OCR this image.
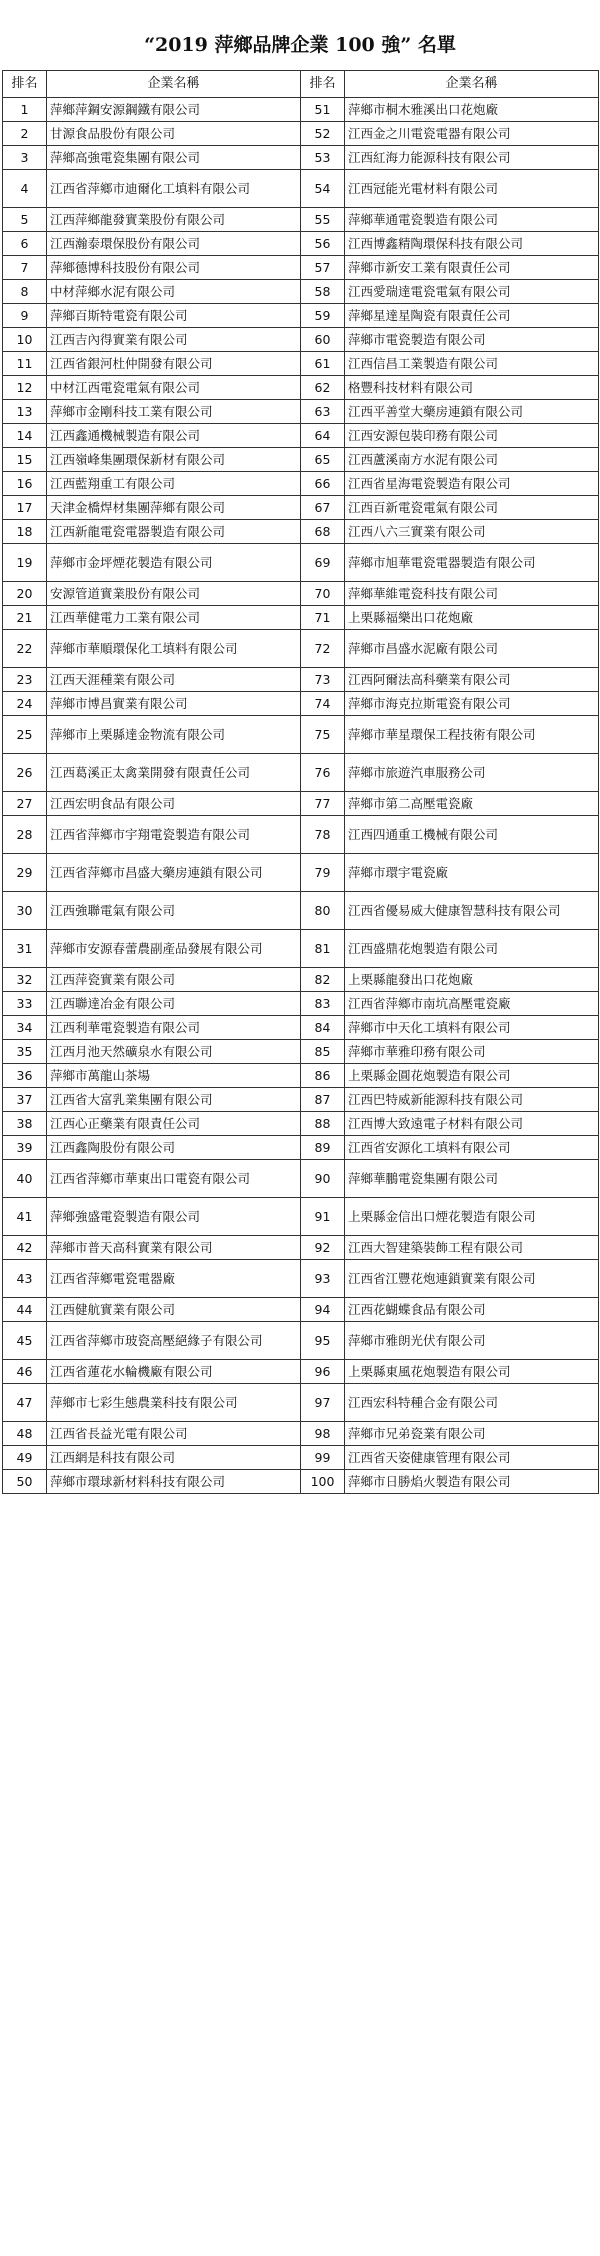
“2019 萍鄉品牌企業 100 強” 名單
排名	企業名稱	排名	企業名稱
1	萍鄉萍鋼安源鋼鐵有限公司	51	萍鄉市桐木雅溪出口花炮廠
2	甘源食品股份有限公司	52	江西金之川電瓷電器有限公司
3	萍鄉高強電瓷集團有限公司	53	江西紅海力能源科技有限公司
4	江西省萍鄉市迪爾化工填料有限公司	54	江西冠能光電材料有限公司
5	江西萍鄉龍發實業股份有限公司	55	萍鄉華通電瓷製造有限公司
6	江西瀚泰環保股份有限公司	56	江西博鑫精陶環保科技有限公司
7	萍鄉德博科技股份有限公司	57	萍鄉市新安工業有限責任公司
8	中材萍鄉水泥有限公司	58	江西愛瑞達電瓷電氣有限公司
9	萍鄉百斯特電瓷有限公司	59	萍鄉星達星陶瓷有限責任公司
10	江西吉內得實業有限公司	60	萍鄉市電瓷製造有限公司
11	江西省銀河杜仲開發有限公司	61	江西信昌工業製造有限公司
12	中材江西電瓷電氣有限公司	62	格豐科技材料有限公司
13	萍鄉市金剛科技工業有限公司	63	江西平善堂大藥房連鎖有限公司
14	江西鑫通機械製造有限公司	64	江西安源包裝印務有限公司
15	江西嶺峰集團環保新材有限公司	65	江西蘆溪南方水泥有限公司
16	江西藍翔重工有限公司	66	江西省星海電瓷製造有限公司
17	天津金橋焊材集團萍鄉有限公司	67	江西百新電瓷電氣有限公司
18	江西新龍電瓷電器製造有限公司	68	江西八六三實業有限公司
19	萍鄉市金坪煙花製造有限公司	69	萍鄉市旭華電瓷電器製造有限公司
20	安源管道實業股份有限公司	70	萍鄉華維電瓷科技有限公司
21	江西華健電力工業有限公司	71	上栗縣福樂出口花炮廠
22	萍鄉市華順環保化工填料有限公司	72	萍鄉市昌盛水泥廠有限公司
23	江西天涯種業有限公司	73	江西阿爾法高科藥業有限公司
24	萍鄉市博昌實業有限公司	74	萍鄉市海克拉斯電瓷有限公司
25	萍鄉市上栗縣達金物流有限公司	75	萍鄉市華星環保工程技術有限公司
26	江西葛溪正太禽業開發有限責任公司	76	萍鄉市旅遊汽車服務公司
27	江西宏明食品有限公司	77	萍鄉市第二高壓電瓷廠
28	江西省萍鄉市宇翔電瓷製造有限公司	78	江西四通重工機械有限公司
29	江西省萍鄉市昌盛大藥房連鎖有限公司	79	萍鄉市環宇電瓷廠
30	江西強聯電氣有限公司	80	江西省優易威大健康智慧科技有限公司
31	萍鄉市安源春蕾農副產品發展有限公司	81	江西盛鼎花炮製造有限公司
32	江西萍瓷實業有限公司	82	上栗縣龍發出口花炮廠
33	江西聯達冶金有限公司	83	江西省萍鄉市南坑高壓電瓷廠
34	江西利華電瓷製造有限公司	84	萍鄉市中天化工填料有限公司
35	江西月池天然礦泉水有限公司	85	萍鄉市華雅印務有限公司
36	萍鄉市萬龍山茶場	86	上栗縣金圓花炮製造有限公司
37	江西省大富乳業集團有限公司	87	江西巴特威新能源科技有限公司
38	江西心正藥業有限責任公司	88	江西博大致遠電子材料有限公司
39	江西鑫陶股份有限公司	89	江西省安源化工填料有限公司
40	江西省萍鄉市華東出口電瓷有限公司	90	萍鄉華鵬電瓷集團有限公司
41	萍鄉強盛電瓷製造有限公司	91	上栗縣金信出口煙花製造有限公司
42	萍鄉市普天高科實業有限公司	92	江西大智建築裝飾工程有限公司
43	江西省萍鄉電瓷電器廠	93	江西省江豐花炮連鎖實業有限公司
44	江西健航實業有限公司	94	江西花蝴蝶食品有限公司
45	江西省萍鄉市玻瓷高壓絕緣子有限公司	95	萍鄉市雅朗光伏有限公司
46	江西省蓮花水輪機廠有限公司	96	上栗縣東風花炮製造有限公司
47	萍鄉市七彩生態農業科技有限公司	97	江西宏科特種合金有限公司
48	江西省長益光電有限公司	98	萍鄉市兄弟瓷業有限公司
49	江西網是科技有限公司	99	江西省天姿健康管理有限公司
50	萍鄉市環球新材料科技有限公司	100	萍鄉市日勝焰火製造有限公司
